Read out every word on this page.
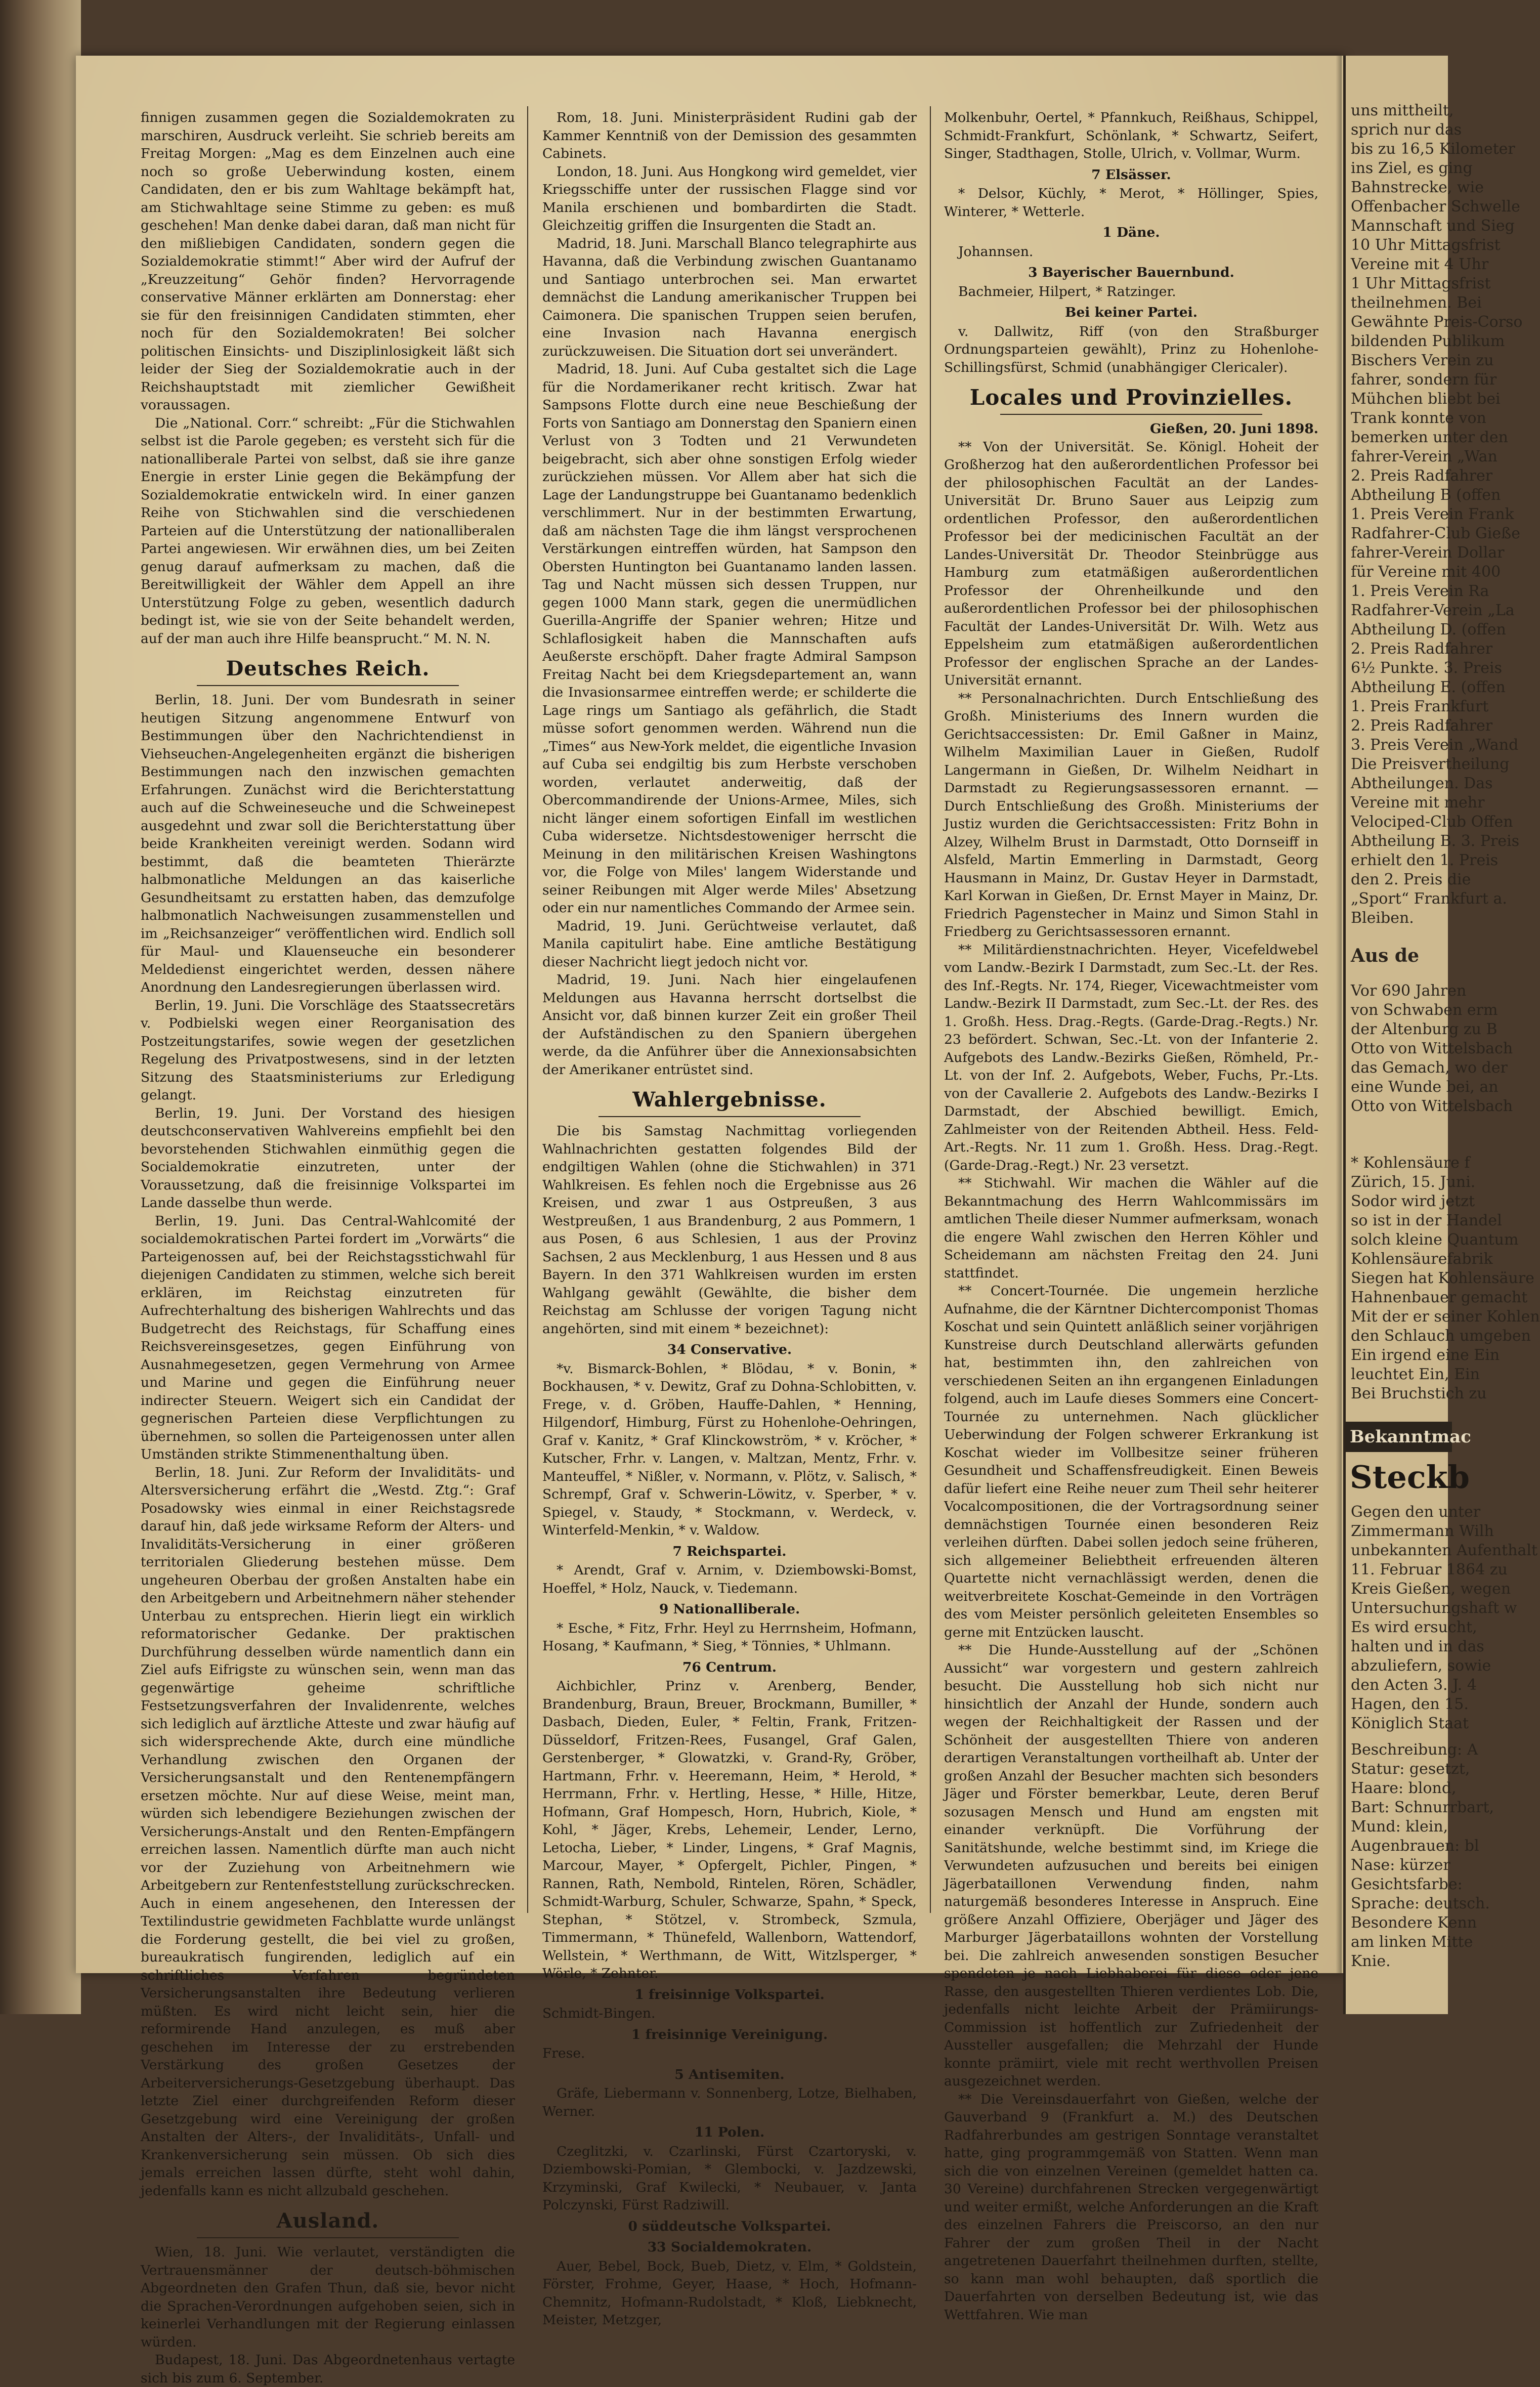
finnigen zusammen gegen die Sozialdemokraten zu marschiren, Ausdruck verleiht. Sie schrieb bereits am Freitag Morgen: „Mag es dem Einzelnen auch eine noch so große Ueberwindung kosten, einem Candidaten, den er bis zum Wahltage bekämpft hat, am Stichwahltage seine Stimme zu geben: es muß geschehen! Man denke dabei daran, daß man nicht für den mißliebigen Candidaten, sondern gegen die Sozialdemokratie stimmt!“ Aber wird der Aufruf der „Kreuzzeitung“ Gehör finden? Hervorragende conservative Männer erklärten am Donnerstag: eher sie für den freisinnigen Candidaten stimmten, eher noch für den Sozialdemokraten! Bei solcher politischen Einsichts- und Disziplinlosigkeit läßt sich leider der Sieg der Sozialdemokratie auch in der Reichshauptstadt mit ziemlicher Gewißheit voraussagen.

Die „National. Corr.“ schreibt: „Für die Stichwahlen selbst ist die Parole gegeben; es versteht sich für die nationalliberale Partei von selbst, daß sie ihre ganze Energie in erster Linie gegen die Bekämpfung der Sozialdemokratie entwickeln wird. In einer ganzen Reihe von Stichwahlen sind die verschiedenen Parteien auf die Unterstützung der nationalliberalen Partei angewiesen. Wir erwähnen dies, um bei Zeiten genug darauf aufmerksam zu machen, daß die Bereitwilligkeit der Wähler dem Appell an ihre Unterstützung Folge zu geben, wesentlich dadurch bedingt ist, wie sie von der Seite behandelt werden, auf der man auch ihre Hilfe beansprucht.“ M. N. N.

Deutsches Reich.

Berlin, 18. Juni. Der vom Bundesrath in seiner heutigen Sitzung angenommene Entwurf von Bestimmungen über den Nachrichtendienst in Viehseuchen-Angelegenheiten ergänzt die bisherigen Bestimmungen nach den inzwischen gemachten Erfahrungen. Zunächst wird die Berichterstattung auch auf die Schweineseuche und die Schweinepest ausgedehnt und zwar soll die Berichterstattung über beide Krankheiten vereinigt werden. Sodann wird bestimmt, daß die beamteten Thierärzte halbmonatliche Meldungen an das kaiserliche Gesundheitsamt zu erstatten haben, das demzufolge halbmonatlich Nachweisungen zusammenstellen und im „Reichsanzeiger“ veröffentlichen wird. Endlich soll für Maul- und Klauenseuche ein besonderer Meldedienst eingerichtet werden, dessen nähere Anordnung den Landesregierungen überlassen wird.

Berlin, 19. Juni. Die Vorschläge des Staatssecretärs v. Podbielski wegen einer Reorganisation des Postzeitungstarifes, sowie wegen der gesetzlichen Regelung des Privatpostwesens, sind in der letzten Sitzung des Staatsministeriums zur Erledigung gelangt.

Berlin, 19. Juni. Der Vorstand des hiesigen deutschconservativen Wahlvereins empfiehlt bei den bevorstehenden Stichwahlen einmüthig gegen die Socialdemokratie einzutreten, unter der Voraussetzung, daß die freisinnige Volkspartei im Lande dasselbe thun werde.

Berlin, 19. Juni. Das Central-Wahlcomité der socialdemokratischen Partei fordert im „Vorwärts“ die Parteigenossen auf, bei der Reichstagsstichwahl für diejenigen Candidaten zu stimmen, welche sich bereit erklären, im Reichstag einzutreten für Aufrechterhaltung des bisherigen Wahlrechts und das Budgetrecht des Reichstags, für Schaffung eines Reichsvereinsgesetzes, gegen Einführung von Ausnahmegesetzen, gegen Vermehrung von Armee und Marine und gegen die Einführung neuer indirecter Steuern. Weigert sich ein Candidat der gegnerischen Parteien diese Verpflichtungen zu übernehmen, so sollen die Parteigenossen unter allen Umständen strikte Stimmenenthaltung üben.

Berlin, 18. Juni. Zur Reform der Invaliditäts- und Altersversicherung erfährt die „Westd. Ztg.“: Graf Posadowsky wies einmal in einer Reichstagsrede darauf hin, daß jede wirksame Reform der Alters- und Invaliditäts-Versicherung in einer größeren territorialen Gliederung bestehen müsse. Dem ungeheuren Oberbau der großen Anstalten habe ein den Arbeitgebern und Arbeitnehmern näher stehender Unterbau zu entsprechen. Hierin liegt ein wirklich reformatorischer Gedanke. Der praktischen Durchführung desselben würde namentlich dann ein Ziel aufs Eifrigste zu wünschen sein, wenn man das gegenwärtige geheime schriftliche Festsetzungsverfahren der Invalidenrente, welches sich lediglich auf ärztliche Atteste und zwar häufig auf sich widersprechende Akte, durch eine mündliche Verhandlung zwischen den Organen der Versicherungsanstalt und den Rentenempfängern ersetzen möchte. Nur auf diese Weise, meint man, würden sich lebendigere Beziehungen zwischen der Versicherungs-Anstalt und den Renten-Empfängern erreichen lassen. Namentlich dürfte man auch nicht vor der Zuziehung von Arbeitnehmern wie Arbeitgebern zur Rentenfeststellung zurückschrecken. Auch in einem angesehenen, den Interessen der Textilindustrie gewidmeten Fachblatte wurde unlängst die Forderung gestellt, die bei viel zu großen, bureaukratisch fungirenden, lediglich auf ein schriftliches Verfahren begründeten Versicherungsanstalten ihre Bedeutung verlieren müßten. Es wird nicht leicht sein, hier die reformirende Hand anzulegen, es muß aber geschehen im Interesse der zu erstrebenden Verstärkung des großen Gesetzes der Arbeiterversicherungs-Gesetzgebung überhaupt. Das letzte Ziel einer durchgreifenden Reform dieser Gesetzgebung wird eine Vereinigung der großen Anstalten der Alters-, der Invaliditäts-, Unfall- und Krankenversicherung sein müssen. Ob sich dies jemals erreichen lassen dürfte, steht wohl dahin, jedenfalls kann es nicht allzubald geschehen.

Ausland.

Wien, 18. Juni. Wie verlautet, verständigten die Vertrauensmänner der deutsch-böhmischen Abgeordneten den Grafen Thun, daß sie, bevor nicht die Sprachen-Verordnungen aufgehoben seien, sich in keinerlei Verhandlungen mit der Regierung einlassen würden.

Budapest, 18. Juni. Das Abgeordnetenhaus vertagte sich bis zum 6. September.

Rom, 18. Juni. Ministerpräsident Rudini gab der Kammer Kenntniß von der Demission des gesammten Cabinets.

London, 18. Juni. Aus Hongkong wird gemeldet, vier Kriegsschiffe unter der russischen Flagge sind vor Manila erschienen und bombardirten die Stadt. Gleichzeitig griffen die Insurgenten die Stadt an.

Madrid, 18. Juni. Marschall Blanco telegraphirte aus Havanna, daß die Verbindung zwischen Guantanamo und Santiago unterbrochen sei. Man erwartet demnächst die Landung amerikanischer Truppen bei Caimonera. Die spanischen Truppen seien berufen, eine Invasion nach Havanna energisch zurückzuweisen. Die Situation dort sei unverändert.

Madrid, 18. Juni. Auf Cuba gestaltet sich die Lage für die Nordamerikaner recht kritisch. Zwar hat Sampsons Flotte durch eine neue Beschießung der Forts von Santiago am Donnerstag den Spaniern einen Verlust von 3 Todten und 21 Verwundeten beigebracht, sich aber ohne sonstigen Erfolg wieder zurückziehen müssen. Vor Allem aber hat sich die Lage der Landungstruppe bei Guantanamo bedenklich verschlimmert. Nur in der bestimmten Erwartung, daß am nächsten Tage die ihm längst versprochenen Verstärkungen eintreffen würden, hat Sampson den Obersten Huntington bei Guantanamo landen lassen. Tag und Nacht müssen sich dessen Truppen, nur gegen 1000 Mann stark, gegen die unermüdlichen Guerilla-Angriffe der Spanier wehren; Hitze und Schlaflosigkeit haben die Mannschaften aufs Aeußerste erschöpft. Daher fragte Admiral Sampson Freitag Nacht bei dem Kriegsdepartement an, wann die Invasionsarmee eintreffen werde; er schilderte die Lage rings um Santiago als gefährlich, die Stadt müsse sofort genommen werden. Während nun die „Times“ aus New-York meldet, die eigentliche Invasion auf Cuba sei endgiltig bis zum Herbste verschoben worden, verlautet anderweitig, daß der Obercommandirende der Unions-Armee, Miles, sich nicht länger einem sofortigen Einfall im westlichen Cuba widersetze. Nichtsdestoweniger herrscht die Meinung in den militärischen Kreisen Washingtons vor, die Folge von Miles' langem Widerstande und seiner Reibungen mit Alger werde Miles' Absetzung oder ein nur namentliches Commando der Armee sein.

Madrid, 19. Juni. Gerüchtweise verlautet, daß Manila capitulirt habe. Eine amtliche Bestätigung dieser Nachricht liegt jedoch nicht vor.

Madrid, 19. Juni. Nach hier eingelaufenen Meldungen aus Havanna herrscht dortselbst die Ansicht vor, daß binnen kurzer Zeit ein großer Theil der Aufständischen zu den Spaniern übergehen werde, da die Anführer über die Annexionsabsichten der Amerikaner entrüstet sind.

Wahlergebnisse.

Die bis Samstag Nachmittag vorliegenden Wahlnachrichten gestatten folgendes Bild der endgiltigen Wahlen (ohne die Stichwahlen) in 371 Wahlkreisen. Es fehlen noch die Ergebnisse aus 26 Kreisen, und zwar 1 aus Ostpreußen, 3 aus Westpreußen, 1 aus Brandenburg, 2 aus Pommern, 1 aus Posen, 6 aus Schlesien, 1 aus der Provinz Sachsen, 2 aus Mecklenburg, 1 aus Hessen und 8 aus Bayern. In den 371 Wahlkreisen wurden im ersten Wahlgang gewählt (Gewählte, die bisher dem Reichstag am Schlusse der vorigen Tagung nicht angehörten, sind mit einem * bezeichnet):

34 Conservative.

*v. Bismarck-Bohlen, * Blödau, * v. Bonin, * Bockhausen, * v. Dewitz, Graf zu Dohna-Schlobitten, v. Frege, v. d. Gröben, Hauffe-Dahlen, * Henning, Hilgendorf, Himburg, Fürst zu Hohenlohe-Oehringen, Graf v. Kanitz, * Graf Klinckowström, * v. Kröcher, * Kutscher, Frhr. v. Langen, v. Maltzan, Mentz, Frhr. v. Manteuffel, * Nißler, v. Normann, v. Plötz, v. Salisch, * Schrempf, Graf v. Schwerin-Löwitz, v. Sperber, * v. Spiegel, v. Staudy, * Stockmann, v. Werdeck, v. Winterfeld-Menkin, * v. Waldow.

7 Reichspartei.

* Arendt, Graf v. Arnim, v. Dziembowski-Bomst, Hoeffel, * Holz, Nauck, v. Tiedemann.

9 Nationalliberale.

* Esche, * Fitz, Frhr. Heyl zu Herrnsheim, Hofmann, Hosang, * Kaufmann, * Sieg, * Tönnies, * Uhlmann.

76 Centrum.

Aichbichler, Prinz v. Arenberg, Bender, Brandenburg, Braun, Breuer, Brockmann, Bumiller, * Dasbach, Dieden, Euler, * Feltin, Frank, Fritzen-Düsseldorf, Fritzen-Rees, Fusangel, Graf Galen, Gerstenberger, * Glowatzki, v. Grand-Ry, Gröber, Hartmann, Frhr. v. Heeremann, Heim, * Herold, * Herrmann, Frhr. v. Hertling, Hesse, * Hille, Hitze, Hofmann, Graf Hompesch, Horn, Hubrich, Kiole, * Kohl, * Jäger, Krebs, Lehemeir, Lender, Lerno, Letocha, Lieber, * Linder, Lingens, * Graf Magnis, Marcour, Mayer, * Opfergelt, Pichler, Pingen, * Rannen, Rath, Nembold, Rintelen, Rören, Schädler, Schmidt-Warburg, Schuler, Schwarze, Spahn, * Speck, Stephan, * Stötzel, v. Strombeck, Szmula, Timmermann, * Thünefeld, Wallenborn, Wattendorf, Wellstein, * Werthmann, de Witt, Witzlsperger, * Wörle, * Zehnter.

1 freisinnige Volkspartei.

Schmidt-Bingen.

1 freisinnige Vereinigung.

Frese.

5 Antisemiten.

Gräfe, Liebermann v. Sonnenberg, Lotze, Bielhaben, Werner.

11 Polen.

Czeglitzki, v. Czarlinski, Fürst Czartoryski, v. Dziembowski-Pomian, * Glembocki, v. Jazdzewski, Krzyminski, Graf Kwilecki, * Neubauer, v. Janta Polczynski, Fürst Radziwill.

0 süddeutsche Volkspartei.
33 Socialdemokraten.

Auer, Bebel, Bock, Bueb, Dietz, v. Elm, * Goldstein, Förster, Frohme, Geyer, Haase, * Hoch, Hofmann-Chemnitz, Hofmann-Rudolstadt, * Kloß, Liebknecht, Meister, Metzger,

Molkenbuhr, Oertel, * Pfannkuch, Reißhaus, Schippel, Schmidt-Frankfurt, Schönlank, * Schwartz, Seifert, Singer, Stadthagen, Stolle, Ulrich, v. Vollmar, Wurm.

7 Elsässer.

* Delsor, Küchly, * Merot, * Höllinger, Spies, Winterer, * Wetterle.

1 Däne.

Johannsen.

3 Bayerischer Bauernbund.

Bachmeier, Hilpert, * Ratzinger.

Bei keiner Partei.

v. Dallwitz, Riff (von den Straßburger Ordnungsparteien gewählt), Prinz zu Hohenlohe-Schillingsfürst, Schmid (unabhängiger Clericaler).

Locales und Provinzielles.

Gießen, 20. Juni 1898.

** Von der Universität. Se. Königl. Hoheit der Großherzog hat den außerordentlichen Professor bei der philosophischen Facultät an der Landes-Universität Dr. Bruno Sauer aus Leipzig zum ordentlichen Professor, den außerordentlichen Professor bei der medicinischen Facultät an der Landes-Universität Dr. Theodor Steinbrügge aus Hamburg zum etatmäßigen außerordentlichen Professor der Ohrenheilkunde und den außerordentlichen Professor bei der philosophischen Facultät der Landes-Universität Dr. Wilh. Wetz aus Eppelsheim zum etatmäßigen außerordentlichen Professor der englischen Sprache an der Landes-Universität ernannt.

** Personalnachrichten. Durch Entschließung des Großh. Ministeriums des Innern wurden die Gerichtsaccessisten: Dr. Emil Gaßner in Mainz, Wilhelm Maximilian Lauer in Gießen, Rudolf Langermann in Gießen, Dr. Wilhelm Neidhart in Darmstadt zu Regierungsassessoren ernannt. — Durch Entschließung des Großh. Ministeriums der Justiz wurden die Gerichtsaccessisten: Fritz Bohn in Alzey, Wilhelm Brust in Darmstadt, Otto Dornseiff in Alsfeld, Martin Emmerling in Darmstadt, Georg Hausmann in Mainz, Dr. Gustav Heyer in Darmstadt, Karl Korwan in Gießen, Dr. Ernst Mayer in Mainz, Dr. Friedrich Pagenstecher in Mainz und Simon Stahl in Friedberg zu Gerichtsassessoren ernannt.

** Militärdienstnachrichten. Heyer, Vicefeldwebel vom Landw.-Bezirk I Darmstadt, zum Sec.-Lt. der Res. des Inf.-Regts. Nr. 174, Rieger, Vicewachtmeister vom Landw.-Bezirk II Darmstadt, zum Sec.-Lt. der Res. des 1. Großh. Hess. Drag.-Regts. (Garde-Drag.-Regts.) Nr. 23 befördert. Schwan, Sec.-Lt. von der Infanterie 2. Aufgebots des Landw.-Bezirks Gießen, Römheld, Pr.-Lt. von der Inf. 2. Aufgebots, Weber, Fuchs, Pr.-Lts. von der Cavallerie 2. Aufgebots des Landw.-Bezirks I Darmstadt, der Abschied bewilligt. Emich, Zahlmeister von der Reitenden Abtheil. Hess. Feld-Art.-Regts. Nr. 11 zum 1. Großh. Hess. Drag.-Regt. (Garde-Drag.-Regt.) Nr. 23 versetzt.

** Stichwahl. Wir machen die Wähler auf die Bekanntmachung des Herrn Wahlcommissärs im amtlichen Theile dieser Nummer aufmerksam, wonach die engere Wahl zwischen den Herren Köhler und Scheidemann am nächsten Freitag den 24. Juni stattfindet.

** Concert-Tournée. Die ungemein herzliche Aufnahme, die der Kärntner Dichtercomponist Thomas Koschat und sein Quintett anläßlich seiner vorjährigen Kunstreise durch Deutschland allerwärts gefunden hat, bestimmten ihn, den zahlreichen von verschiedenen Seiten an ihn ergangenen Einladungen folgend, auch im Laufe dieses Sommers eine Concert-Tournée zu unternehmen. Nach glücklicher Ueberwindung der Folgen schwerer Erkrankung ist Koschat wieder im Vollbesitze seiner früheren Gesundheit und Schaffensfreudigkeit. Einen Beweis dafür liefert eine Reihe neuer zum Theil sehr heiterer Vocalcompositionen, die der Vortragsordnung seiner demnächstigen Tournée einen besonderen Reiz verleihen dürften. Dabei sollen jedoch seine früheren, sich allgemeiner Beliebtheit erfreuenden älteren Quartette nicht vernachlässigt werden, denen die weitverbreitete Koschat-Gemeinde in den Vorträgen des vom Meister persönlich geleiteten Ensembles so gerne mit Entzücken lauscht.

** Die Hunde-Ausstellung auf der „Schönen Aussicht“ war vorgestern und gestern zahlreich besucht. Die Ausstellung hob sich nicht nur hinsichtlich der Anzahl der Hunde, sondern auch wegen der Reichhaltigkeit der Rassen und der Schönheit der ausgestellten Thiere von anderen derartigen Veranstaltungen vortheilhaft ab. Unter der großen Anzahl der Besucher machten sich besonders Jäger und Förster bemerkbar, Leute, deren Beruf sozusagen Mensch und Hund am engsten mit einander verknüpft. Die Vorführung der Sanitätshunde, welche bestimmt sind, im Kriege die Verwundeten aufzusuchen und bereits bei einigen Jägerbataillonen Verwendung finden, nahm naturgemäß besonderes Interesse in Anspruch. Eine größere Anzahl Offiziere, Oberjäger und Jäger des Marburger Jägerbataillons wohnten der Vorstellung bei. Die zahlreich anwesenden sonstigen Besucher spendeten je nach Liebhaberei für diese oder jene Rasse, den ausgestellten Thieren verdientes Lob. Die, jedenfalls nicht leichte Arbeit der Prämiirungs-Commission ist hoffentlich zur Zufriedenheit der Aussteller ausgefallen; die Mehrzahl der Hunde konnte prämiirt, viele mit recht werthvollen Preisen ausgezeichnet werden.

** Die Vereinsdauerfahrt von Gießen, welche der Gauverband 9 (Frankfurt a. M.) des Deutschen Radfahrerbundes am gestrigen Sonntage veranstaltet hatte, ging programmgemäß von Statten. Wenn man sich die von einzelnen Vereinen (gemeldet hatten ca. 30 Vereine) durchfahrenen Strecken vergegenwärtigt und weiter ermißt, welche Anforderungen an die Kraft des einzelnen Fahrers die Preiscorso, an den nur Fahrer der zum großen Theil in der Nacht angetretenen Dauerfahrt theilnehmen durften, stellte, so kann man wohl behaupten, daß sportlich die Dauerfahrten von derselben Bedeutung ist, wie das Wettfahren. Wie man

uns mittheilt,

sprich nur das

bis zu 16,5 Kilometer

ins Ziel, es ging

Bahnstrecke, wie

Offenbacher Schwelle

Mannschaft und Sieg

10 Uhr Mittagsfrist

Vereine mit 4 Uhr

1 Uhr Mittagsfrist

theilnehmen. Bei

Gewähnte Preis-Corso

bildenden Publikum

Bischers Verein zu

fahrer, sondern für

Mühchen bliebt bei

Trank konnte von

bemerken unter den

fahrer-Verein „Wan

2. Preis Radfahrer

Abtheilung B (offen

1. Preis Verein Frank

Radfahrer-Club Gieße

fahrer-Verein Dollar

für Vereine mit 400

1. Preis Verein Ra

Radfahrer-Verein „La

Abtheilung D. (offen

2. Preis Radfahrer

6½ Punkte. 3. Preis

Abtheilung E. (offen

1. Preis Frankfurt

2. Preis Radfahrer

3. Preis Verein „Wand

Die Preisvertheilung

Abtheilungen. Das

Vereine mit mehr

Velociped-Club Offen

Abtheilung B. 3. Preis

erhielt den 1. Preis

den 2. Preis die

„Sport“ Frankfurt a.

Bleiben.

Aus de

Vor 690 Jahren

von Schwaben erm

der Altenburg zu B

Otto von Wittelsbach

das Gemach, wo der

eine Wunde bei, an

Otto von Wittelsbach

* Kohlensäure f

Zürich, 15. Juni.

Sodor wird jetzt

so ist in der Handel

solch kleine Quantum

Kohlensäurefabrik

Siegen hat Kohlensäure

Hahnenbauer gemacht

Mit der er seiner Kohlen

den Schlauch umgeben

Ein irgend eine Ein

leuchtet Ein, Ein

Bei Bruchstich zu

Bekanntmac
Steckb

Gegen den unter

Zimmermann Wilh

unbekannten Aufenthalt

11. Februar 1864 zu

Kreis Gießen, wegen

Untersuchungshaft w

Es wird ersucht,

halten und in das

abzuliefern, sowie

den Acten 3. J. 4

Hagen, den 15.

Königlich Staat

Beschreibung: A

Statur: gesetzt,

Haare: blond,

Bart: Schnurrbart,

Mund: klein,

Augenbrauen: bl

Nase: kürzer

Gesichtsfarbe:

Sprache: deutsch.

Besondere Kenn

am linken Mitte

Knie.
